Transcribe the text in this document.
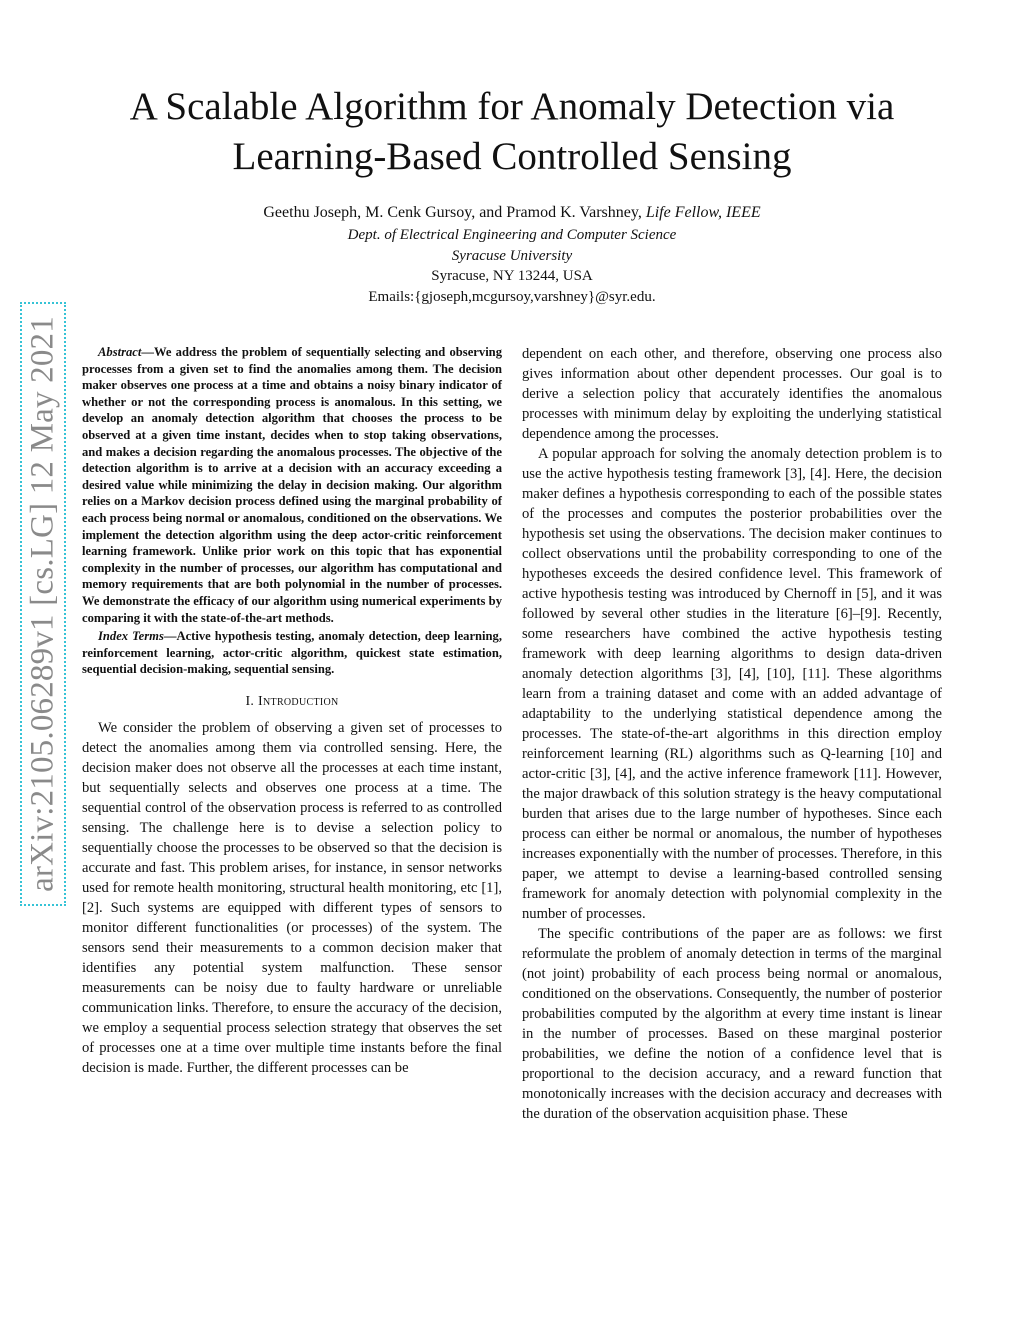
A Scalable Algorithm for Anomaly Detection via
Learning-Based Controlled Sensing
Geethu Joseph, M. Cenk Gursoy, and Pramod K. Varshney, Life Fellow, IEEE
Dept. of Electrical Engineering and Computer Science
Syracuse University
Syracuse, NY 13244, USA
Emails:{gjoseph,mcgursoy,varshney}@syr.edu.
arXiv:2105.06289v1 [cs.LG] 12 May 2021	Abstract—We address the problem of sequentially selecting and observing processes from a given set to find the anomalies among them. The decision maker observes one process at a time and obtains a noisy binary indicator of whether or not the corresponding process is anomalous. In this setting, we develop an anomaly detection algorithm that chooses the process to be observed at a given time instant, decides when to stop taking observations, and makes a decision regarding the anomalous processes. The objective of the detection algorithm is to arrive at a decision with an accuracy exceeding a desired value while minimizing the delay in decision making. Our algorithm relies on a Markov decision process defined using the marginal probability of each process being normal or anomalous, conditioned on the observations. We implement the detection algorithm using the deep actor-critic reinforcement learning framework. Unlike prior work on this topic that has exponential complexity in the number of processes, our algorithm has computational and memory requirements that are both polynomial in the number of processes. We demonstrate the efficacy of our algorithm using numerical experiments by comparing it with the state-of-the-art methods.

Index Terms—Active hypothesis testing, anomaly detection, deep learning, reinforcement learning, actor-critic algorithm, quickest state estimation, sequential decision-making, sequential sensing.

I. Introduction

We consider the problem of observing a given set of processes to detect the anomalies among them via controlled sensing. Here, the decision maker does not observe all the processes at each time instant, but sequentially selects and observes one process at a time. The sequential control of the observation process is referred to as controlled sensing. The challenge here is to devise a selection policy to sequentially choose the processes to be observed so that the decision is accurate and fast. This problem arises, for instance, in sensor networks used for remote health monitoring, structural health monitoring, etc [1], [2]. Such systems are equipped with different types of sensors to monitor different functionalities (or processes) of the system. The sensors send their measurements to a common decision maker that identifies any potential system malfunction. These sensor measurements can be noisy due to faulty hardware or unreliable communication links. Therefore, to ensure the accuracy of the decision, we employ a sequential process selection strategy that observes the set of processes one at a time over multiple time instants before the final decision is made. Further, the different processes can be

dependent on each other, and therefore, observing one process also gives information about other dependent processes. Our goal is to derive a selection policy that accurately identifies the anomalous processes with minimum delay by exploiting the underlying statistical dependence among the processes.

A popular approach for solving the anomaly detection problem is to use the active hypothesis testing framework [3], [4]. Here, the decision maker defines a hypothesis corresponding to each of the possible states of the processes and computes the posterior probabilities over the hypothesis set using the observations. The decision maker continues to collect observations until the probability corresponding to one of the hypotheses exceeds the desired confidence level. This framework of active hypothesis testing was introduced by Chernoff in [5], and it was followed by several other studies in the literature [6]–[9]. Recently, some researchers have combined the active hypothesis testing framework with deep learning algorithms to design data-driven anomaly detection algorithms [3], [4], [10], [11]. These algorithms learn from a training dataset and come with an added advantage of adaptability to the underlying statistical dependence among the processes. The state-of-the-art algorithms in this direction employ reinforcement learning (RL) algorithms such as Q-learning [10] and actor-critic [3], [4], and the active inference framework [11]. However, the major drawback of this solution strategy is the heavy computational burden that arises due to the large number of hypotheses. Since each process can either be normal or anomalous, the number of hypotheses increases exponentially with the number of processes. Therefore, in this paper, we attempt to devise a learning-based controlled sensing framework for anomaly detection with polynomial complexity in the number of processes.

The specific contributions of the paper are as follows: we first reformulate the problem of anomaly detection in terms of the marginal (not joint) probability of each process being normal or anomalous, conditioned on the observations. Consequently, the number of posterior probabilities computed by the algorithm at every time instant is linear in the number of processes. Based on these marginal posterior probabilities, we define the notion of a confidence level that is proportional to the decision accuracy, and a reward function that monotonically increases with the decision accuracy and decreases with the duration of the observation acquisition phase. These
